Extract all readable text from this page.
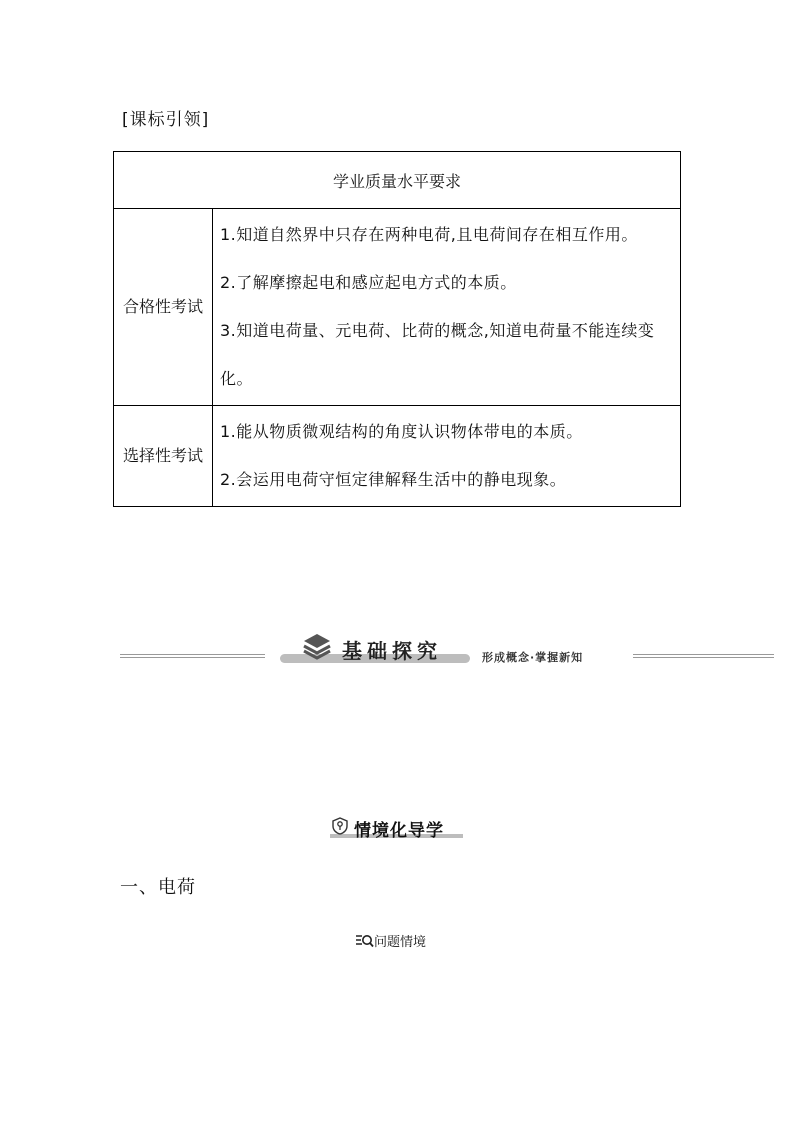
[课标引领]
学业质量水平要求	
合格性考试	1.知道自然界中只存在两种电荷,且电荷间存在相互作用。

2.了解摩擦起电和感应起电方式的本质。

3.知道电荷量、元电荷、比荷的概念,知道电荷量不能连续变化。

选择性考试	1.能从物质微观结构的角度认识物体带电的本质。

2.会运用电荷守恒定律解释生活中的静电现象。

基础探究	形成概念·掌握新知
情境化导学
一、电荷
问题情境
